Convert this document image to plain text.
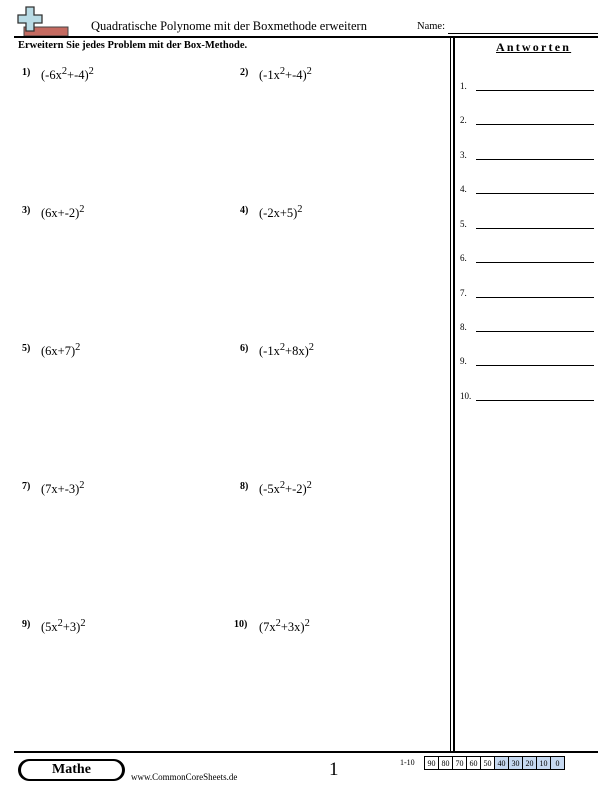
Quadratische Polynome mit der Boxmethode erweitern	Name:
Erweitern Sie jedes Problem mit der Box-Methode.
1) $(-6x^2+-4)^2$	2) $(-1x^2+-4)^2$
3) $(6x+-2)^2$	4) $(-2x+5)^2$
5) $(6x+7)^2$	6) $(-1x^2+8x)^2$
7) $(7x+-3)^2$	8) $(-5x^2+-2)^2$
9) $(5x^2+3)^2$	10) $(7x^2+3x)^2$
Antworten
1.
2.
3.
4.
5.
6.
7.
8.
9.
10.
Mathe	www.CommonCoreSheets.de	1	1-10 90	80	70	60	50	40	30	20	10	0
